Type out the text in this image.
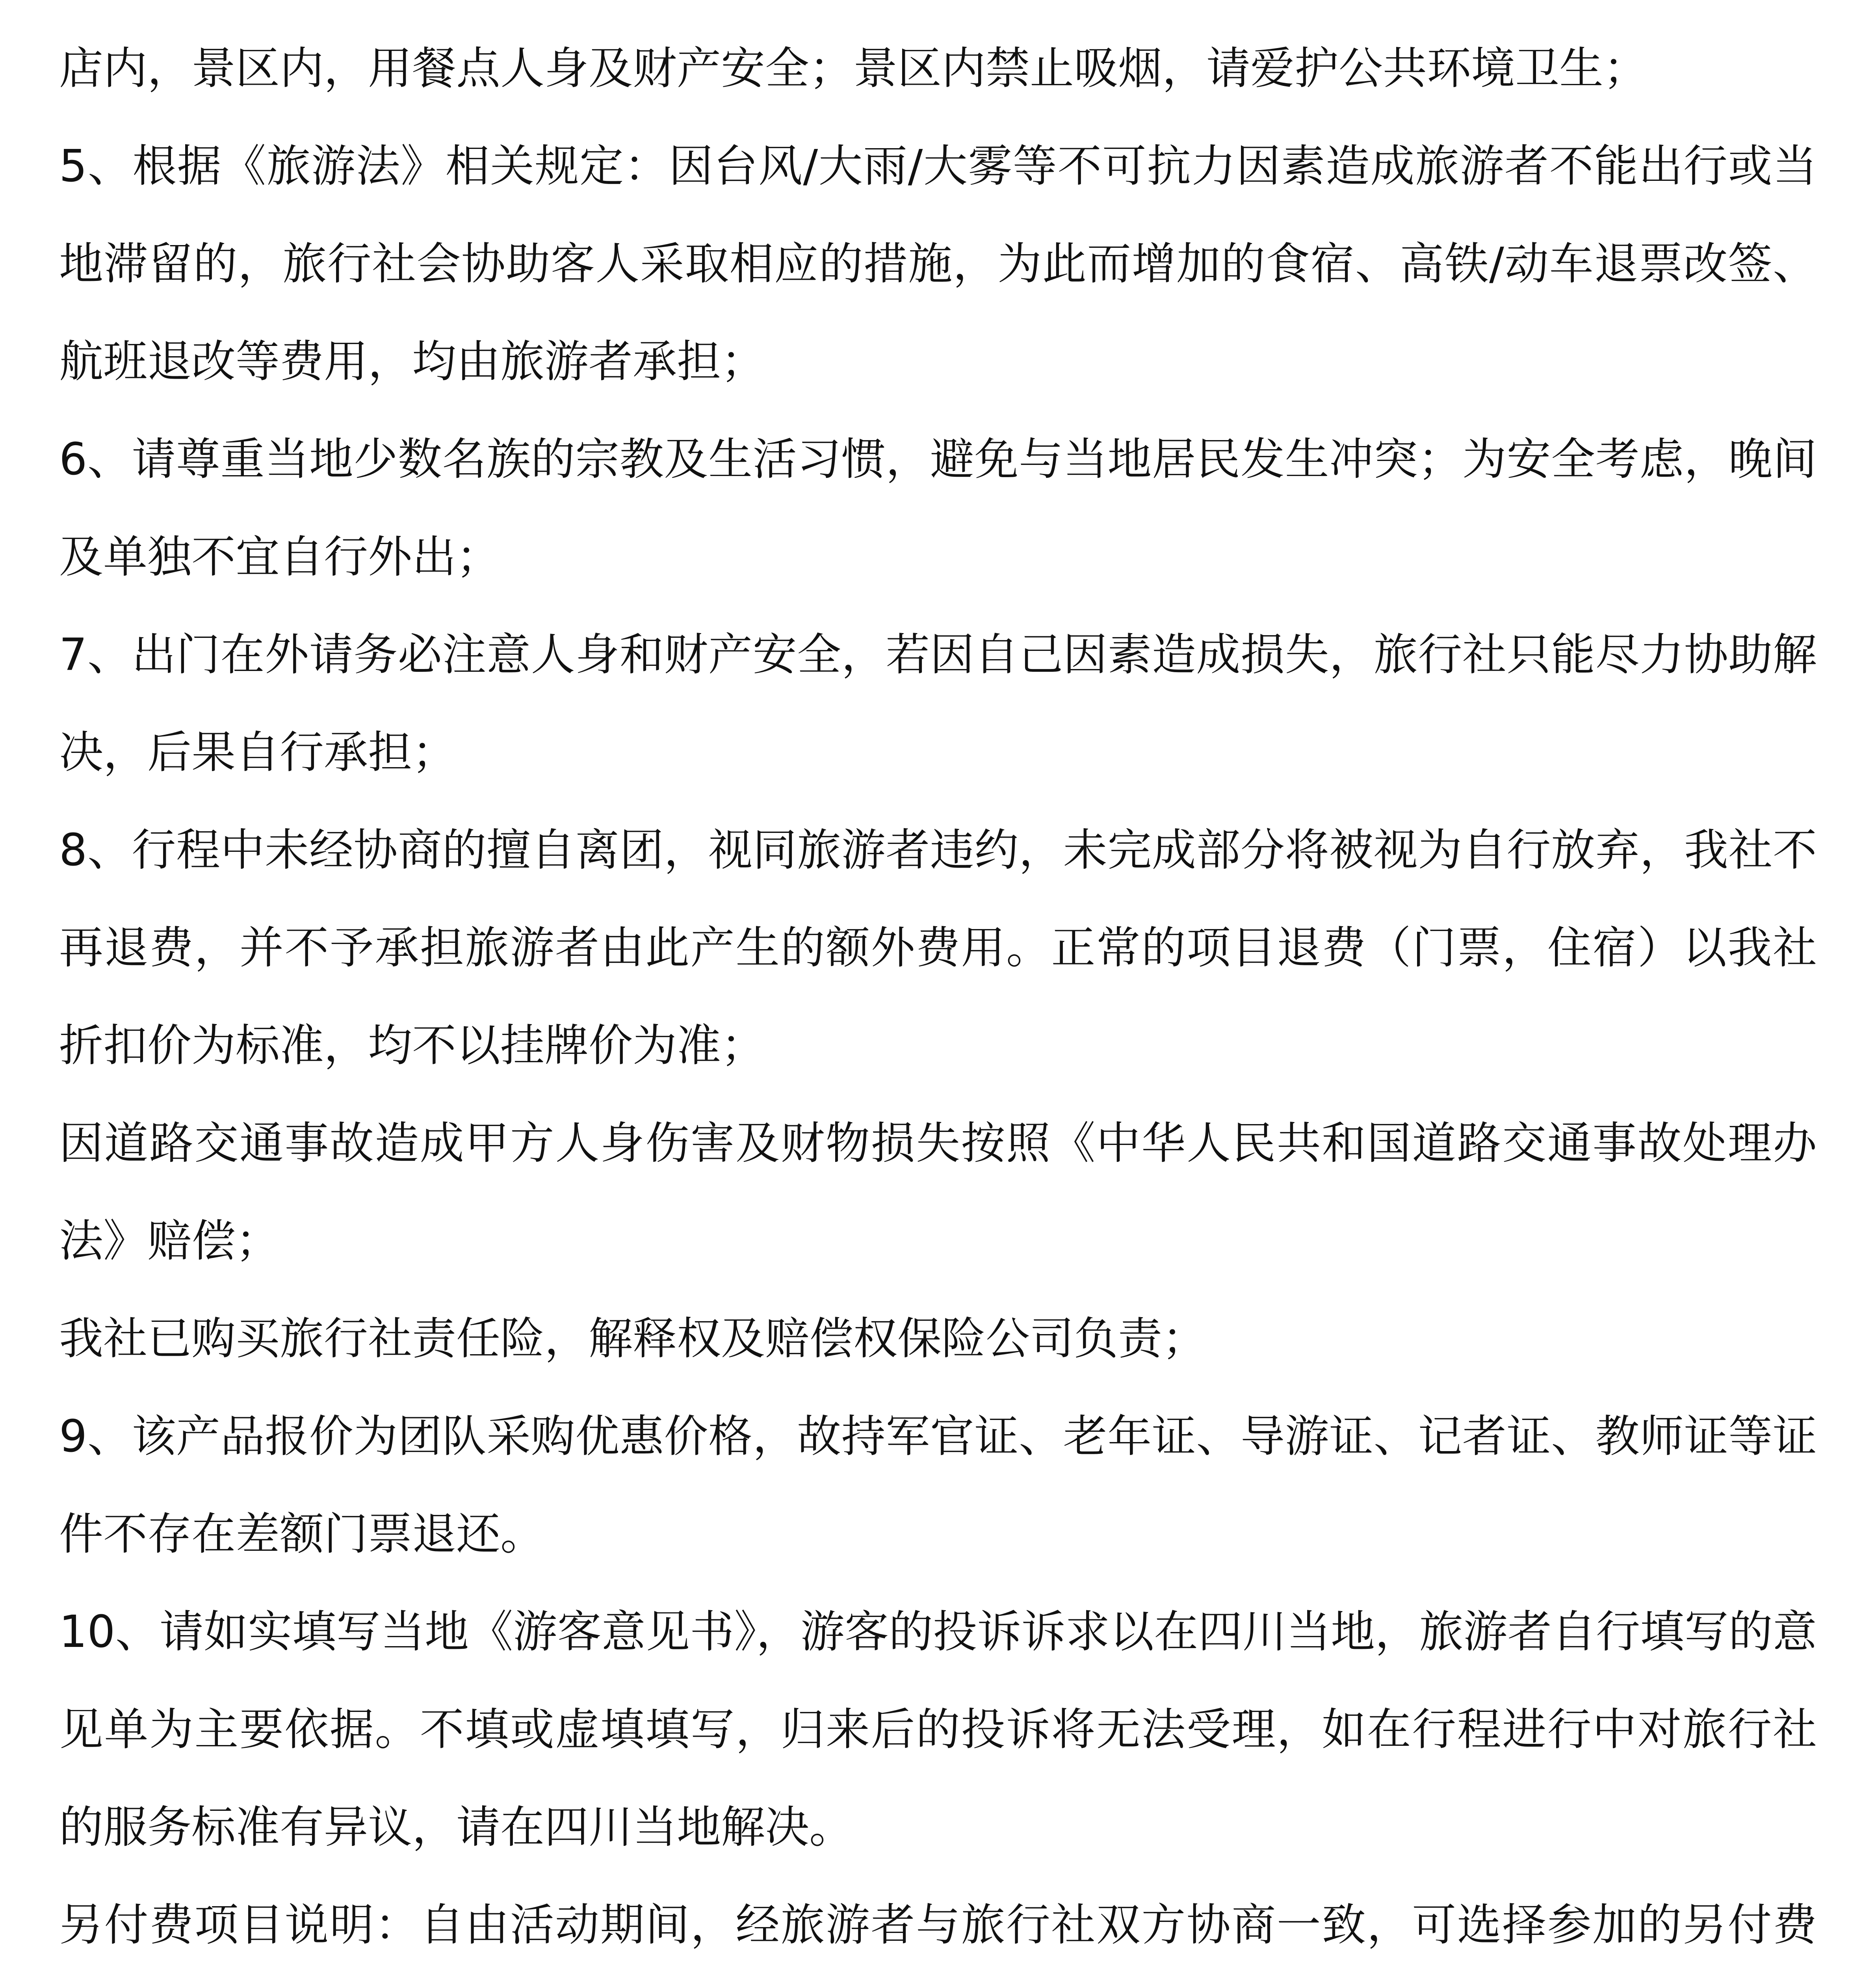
店内，景区内，用餐点人身及财产安全；景区内禁止吸烟，请爱护公共环境卫生；

5、根据《旅游法》相关规定：因台风/大雨/大雾等不可抗力因素造成旅游者不能出行或当地滞留的，旅行社会协助客人采取相应的措施，为此而增加的食宿、高铁/动车退票改签、航班退改等费用，均由旅游者承担；

6、请尊重当地少数名族的宗教及生活习惯，避免与当地居民发生冲突；为安全考虑，晚间及单独不宜自行外出；

7、出门在外请务必注意人身和财产安全，若因自己因素造成损失，旅行社只能尽力协助解决，后果自行承担；

8、行程中未经协商的擅自离团，视同旅游者违约，未完成部分将被视为自行放弃，我社不再退费，并不予承担旅游者由此产生的额外费用。正常的项目退费（门票，住宿）以我社折扣价为标准，均不以挂牌价为准；

因道路交通事故造成甲方人身伤害及财物损失按照《中华人民共和国道路交通事故处理办法》赔偿；

我社已购买旅行社责任险，解释权及赔偿权保险公司负责；

9、该产品报价为团队采购优惠价格，故持军官证、老年证、导游证、记者证、教师证等证件不存在差额门票退还。

10、请如实填写当地《游客意见书》，游客的投诉诉求以在四川当地，旅游者自行填写的意见单为主要依据。不填或虚填填写，归来后的投诉将无法受理，如在行程进行中对旅行社的服务标准有异议，请在四川当地解决。

另付费项目说明：自由活动期间，经旅游者与旅行社双方协商一致，可选择参加的另付费
